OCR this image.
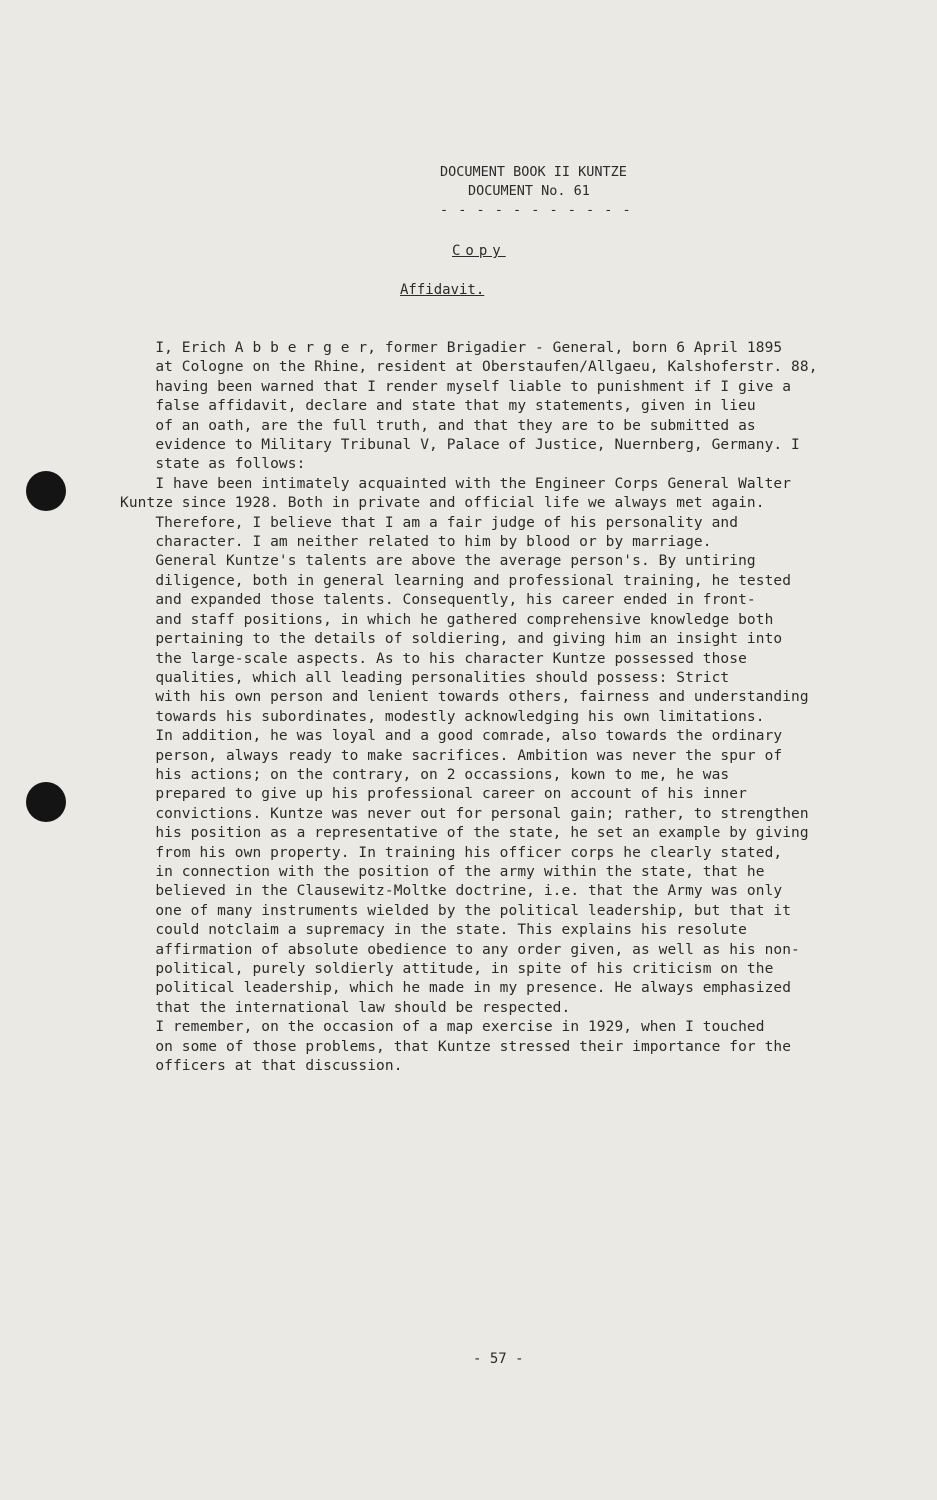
DOCUMENT BOOK II KUNTZE
DOCUMENT No. 61
- - - - - - - - - - -
Copy
Affidavit.
I, Erich A b b e r g e r, former Brigadier - General, born 6 April 1895
at Cologne on the Rhine, resident at Oberstaufen/Allgaeu, Kalshoferstr. 88,
having been warned that I render myself liable to punishment if I give a
false affidavit, declare and state that my statements, given in lieu
of an oath, are the full truth, and that they are to be submitted as
evidence to Military Tribunal V, Palace of Justice, Nuernberg, Germany. I
state as follows:
I have been intimately acquainted with the Engineer Corps General Walter
Kuntze since 1928. Both in private and official life we always met again.
Therefore, I believe that I am a fair judge of his personality and
character. I am neither related to him by blood or by marriage.
General Kuntze's talents are above the average person's. By untiring
diligence, both in general learning and professional training, he tested
and expanded those talents. Consequently, his career ended in front-
and staff positions, in which he gathered comprehensive knowledge both
pertaining to the details of soldiering, and giving him an insight into
the large-scale aspects. As to his character Kuntze possessed those
qualities, which all leading personalities should possess: Strict
with his own person and lenient towards others, fairness and understanding
towards his subordinates, modestly acknowledging his own limitations.
In addition, he was loyal and a good comrade, also towards the ordinary
person, always ready to make sacrifices. Ambition was never the spur of
his actions; on the contrary, on 2 occassions, kown to me, he was
prepared to give up his professional career on account of his inner
convictions. Kuntze was never out for personal gain; rather, to strengthen
his position as a representative of the state, he set an example by giving
from his own property. In training his officer corps he clearly stated,
in connection with the position of the army within the state, that he
believed in the Clausewitz-Moltke doctrine, i.e. that the Army was only
one of many instruments wielded by the political leadership, but that it
could notclaim a supremacy in the state. This explains his resolute
affirmation of absolute obedience to any order given, as well as his non-
political, purely soldierly attitude, in spite of his criticism on the
political leadership, which he made in my presence. He always emphasized
that the international law should be respected.
I remember, on the occasion of a map exercise in 1929, when I touched
on some of those problems, that Kuntze stressed their importance for the
officers at that discussion.
- 57 -
